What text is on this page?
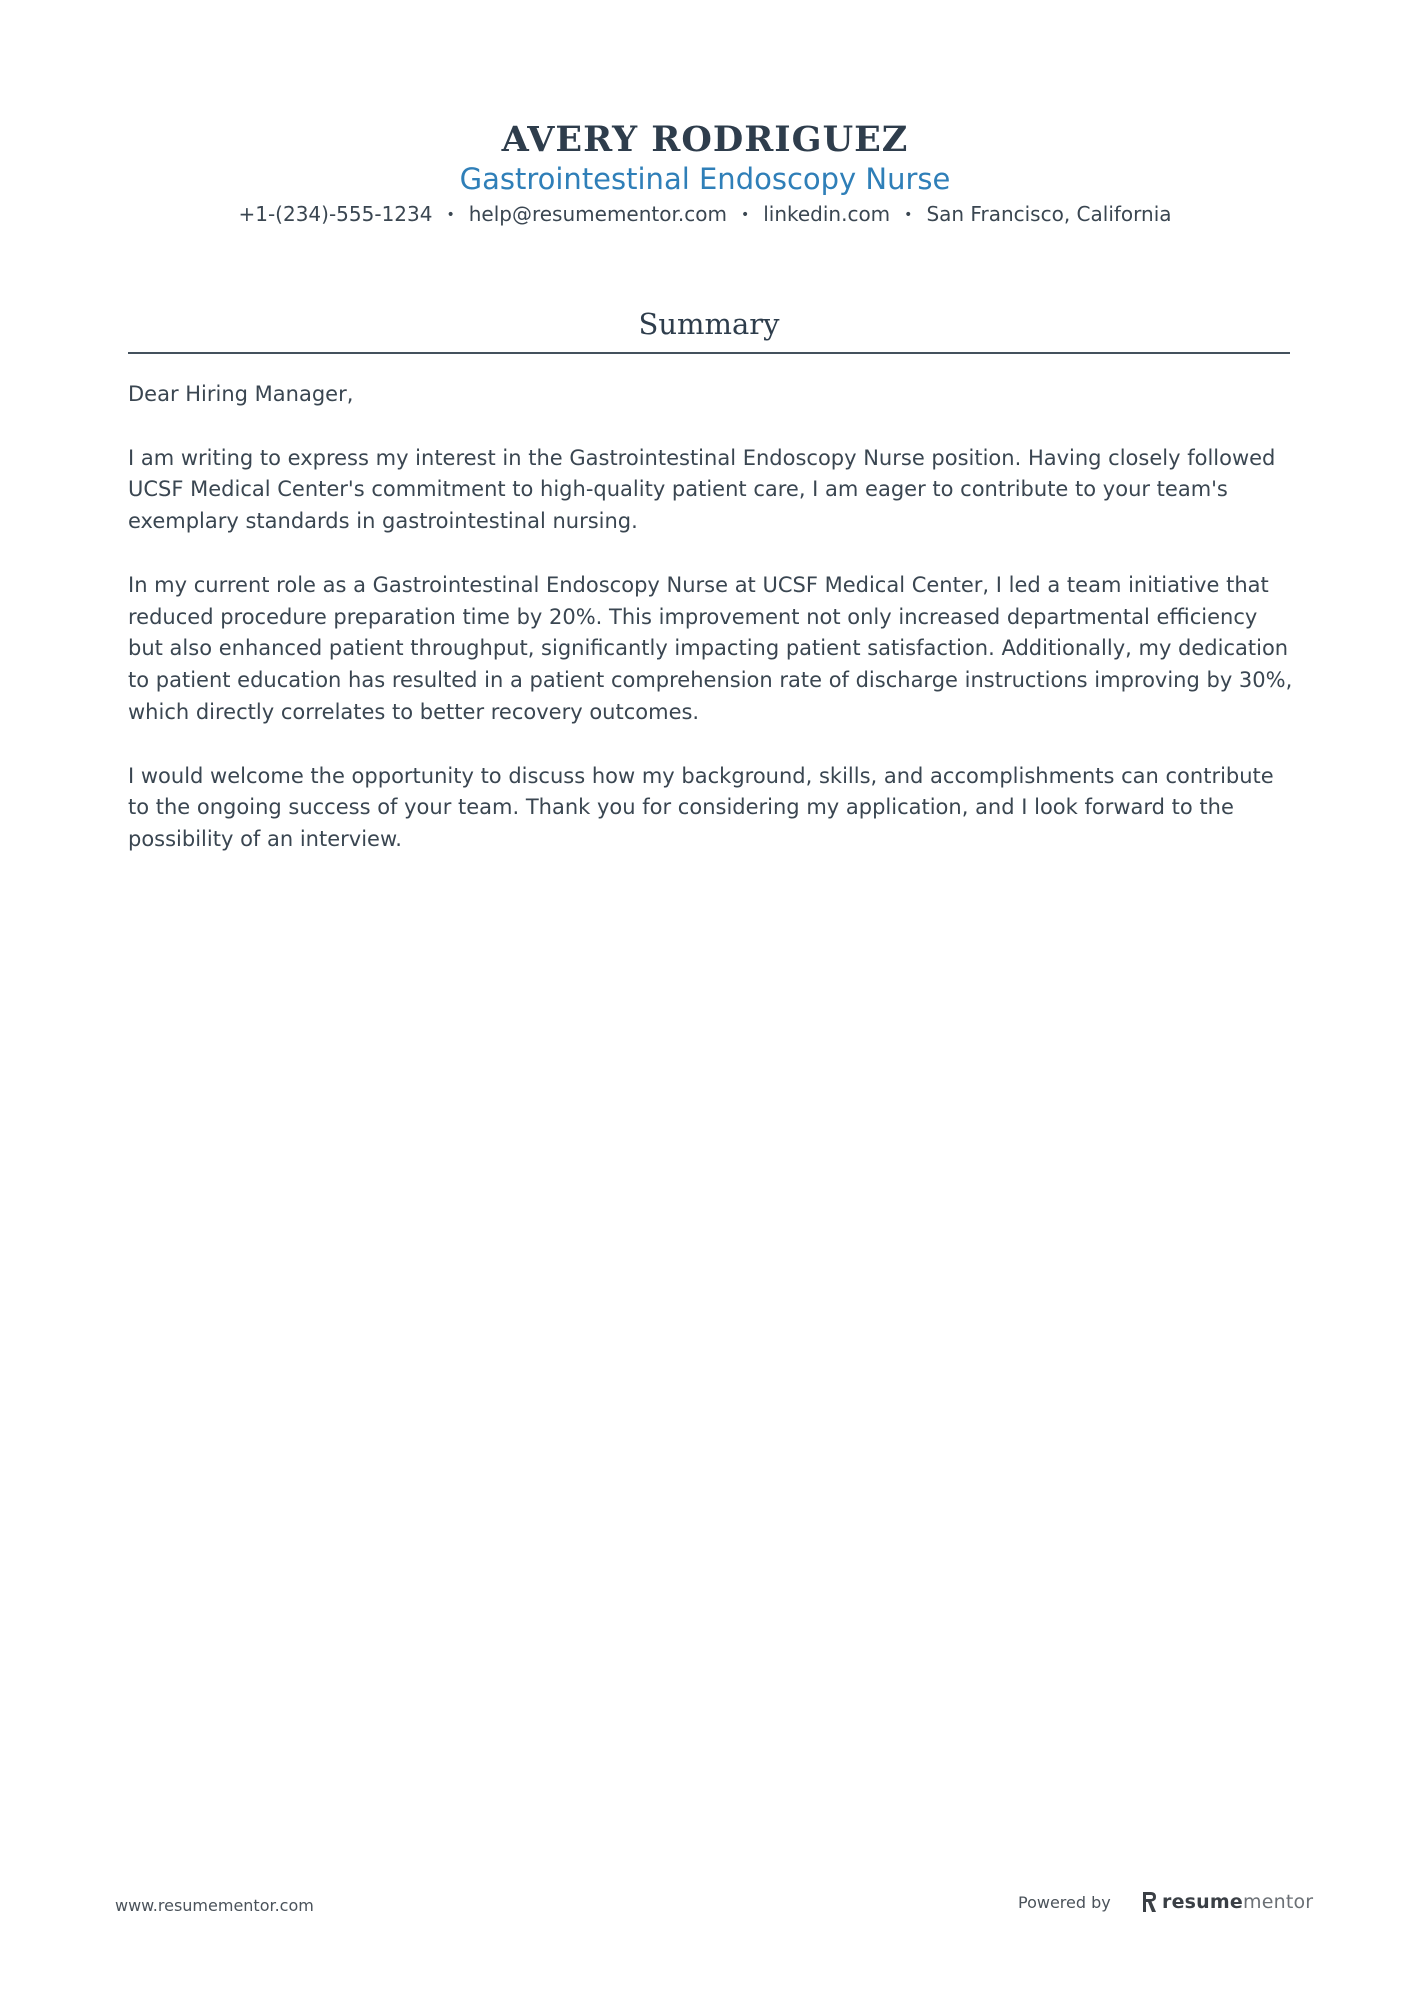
AVERY RODRIGUEZ
Gastrointestinal Endoscopy Nurse
+1-(234)-555-1234 • help@resumementor.com • linkedin.com • San Francisco, California
Summary

Dear Hiring Manager,

I am writing to express my interest in the Gastrointestinal Endoscopy Nurse position. Having closely followed UCSF Medical Center's commitment to high-quality patient care, I am eager to contribute to your team's exemplary standards in gastrointestinal nursing.

In my current role as a Gastrointestinal Endoscopy Nurse at UCSF Medical Center, I led a team initiative that reduced procedure preparation time by 20%. This improvement not only increased departmental efficiency but also enhanced patient throughput, significantly impacting patient satisfaction. Additionally, my dedication to patient education has resulted in a patient comprehension rate of discharge instructions improving by 30%, which directly correlates to better recovery outcomes.

I would welcome the opportunity to discuss how my background, skills, and accomplishments can contribute to the ongoing success of your team. Thank you for considering my application, and I look forward to the possibility of an interview.

www.resumementor.com	Powered by	resumementor
